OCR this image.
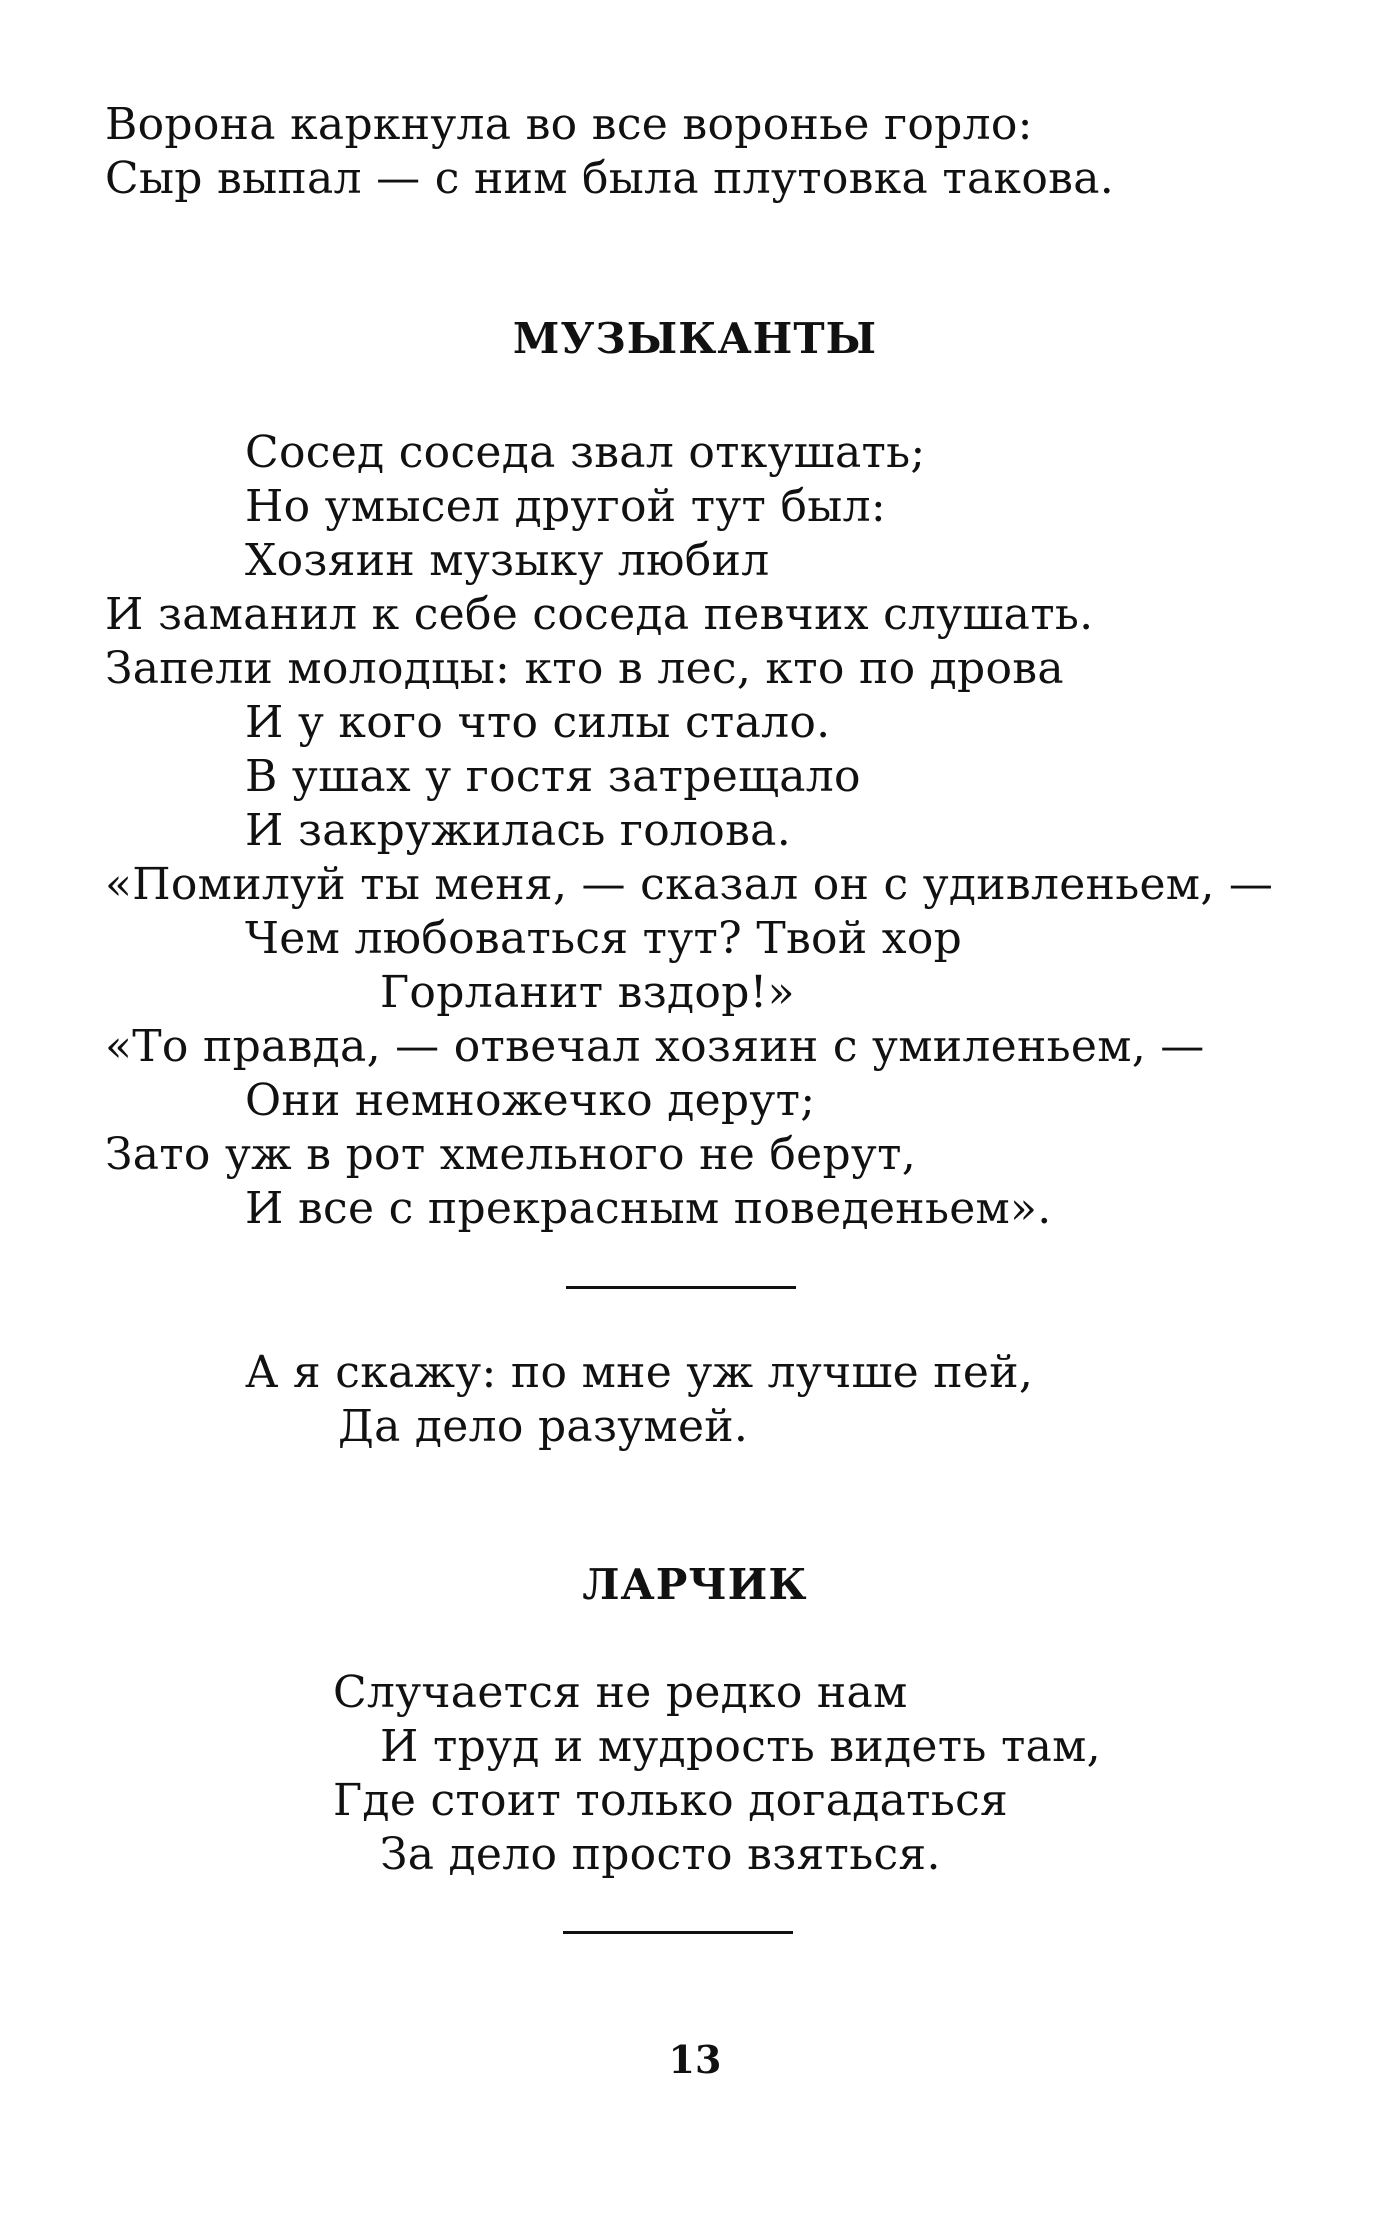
Ворона каркнула во все воронье горло:
Сыр выпал — с ним была плутовка такова.
МУЗЫКАНТЫ
Сосед соседа звал откушать;
Но умысел другой тут был:
Хозяин музыку любил
И заманил к себе соседа певчих слушать.
Запели молодцы: кто в лес, кто по дрова
И у кого что силы стало.
В ушах у гостя затрещало
И закружилась голова.
«Помилуй ты меня, — сказал он с удивленьем, —
Чем любоваться тут? Твой хор
Горланит вздор!»
«То правда, — отвечал хозяин с умиленьем, —
Они немножечко дерут;
Зато уж в рот хмельного не берут,
И все с прекрасным поведеньем».
А я скажу: по мне уж лучше пей,
Да дело разумей.
ЛАРЧИК
Случается не редко нам
И труд и мудрость видеть там,
Где стоит только догадаться
За дело просто взяться.
13
